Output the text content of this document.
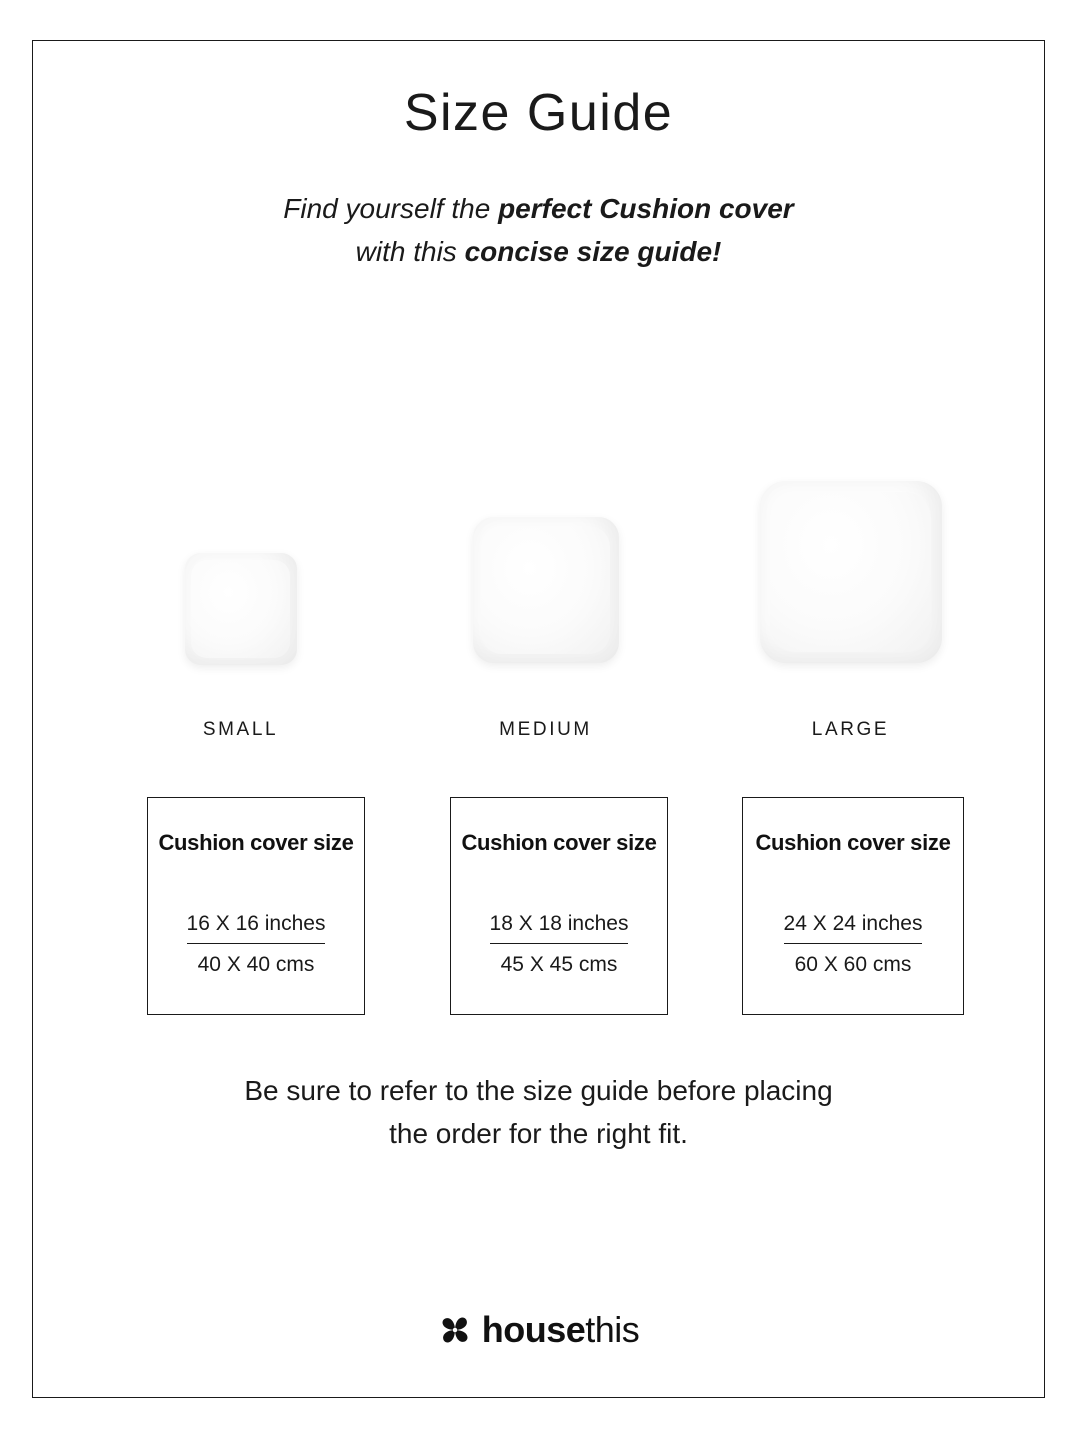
Size Guide

Find yourself the perfect Cushion cover
with this concise size guide!

SMALL	MEDIUM	LARGE
Cushion cover size
16 X 16 inches
40 X 40 cms
Cushion cover size
18 X 18 inches
45 X 45 cms
Cushion cover size
24 X 24 inches
60 X 60 cms

Be sure to refer to the size guide before placing
the order for the right fit.

housethis
